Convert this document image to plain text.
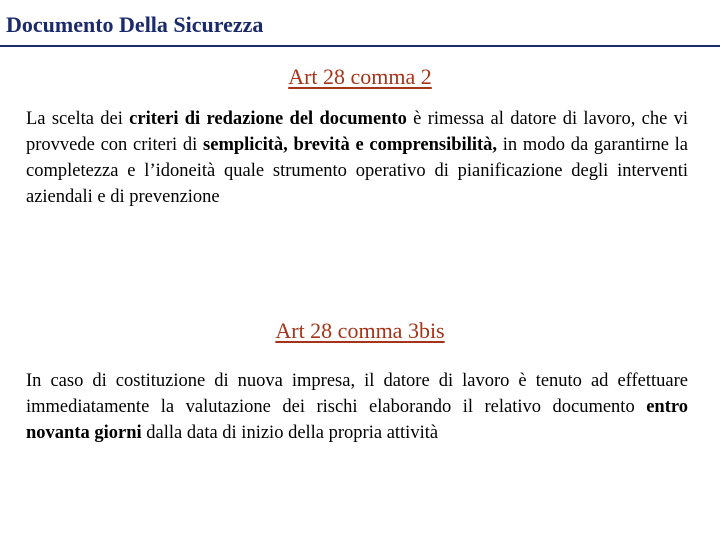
Documento Della Sicurezza
Art 28 comma 2

La scelta dei criteri di redazione del documento è rimessa al datore di lavoro, che vi provvede con criteri di semplicità, brevità e comprensibilità, in modo da garantirne la completezza e l’idoneità quale strumento operativo di pianificazione degli interventi aziendali e di prevenzione

Art 28 comma 3bis

In caso di costituzione di nuova impresa, il datore di lavoro è tenuto ad effettuare immediatamente la valutazione dei rischi elaborando il relativo documento entro novanta giorni dalla data di inizio della propria attività
